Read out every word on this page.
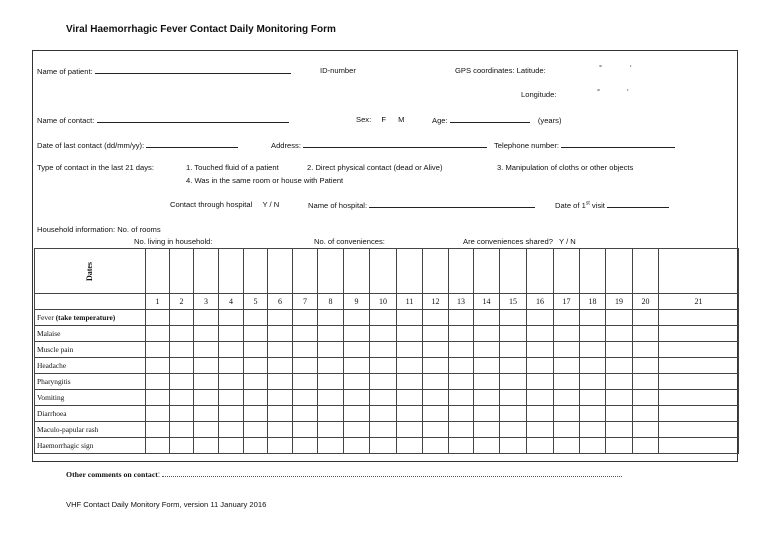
Viral Haemorrhagic Fever Contact Daily Monitoring Form
Name of patient:	ID-number	GPS coordinates: Latitude:	°	‘
Longitude:	°	‘
Name of contact:	Sex: F M	Age:	(years)
Date of last contact (dd/mm/yy):	Address:	Telephone number:
Type of contact in the last 21 days:	1. Touched fluid of a patient	2. Direct physical contact (dead or Alive)	3. Manipulation of cloths or other objects
4. Was in the same room or house with Patient
Contact through hospital Y / N	Name of hospital:	Date of 1st visit
Household information: No. of rooms
No. living in household:	No. of conveniences:	Are conveniences shared? Y / N
Dates																					
	1	2	3	4	5	6	7	8	9	10	11	12	13	14	15	16	17	18	19	20	21
Fever (take temperature)																					
Malaise																					
Muscle pain																					
Headache																					
Pharyngitis																					
Vomiting																					
Diarrhoea																					
Maculo-papular rash																					
Haemorrhagic sign																					
Other comments on contact:
VHF Contact Daily Monitory Form, version 11 January 2016
